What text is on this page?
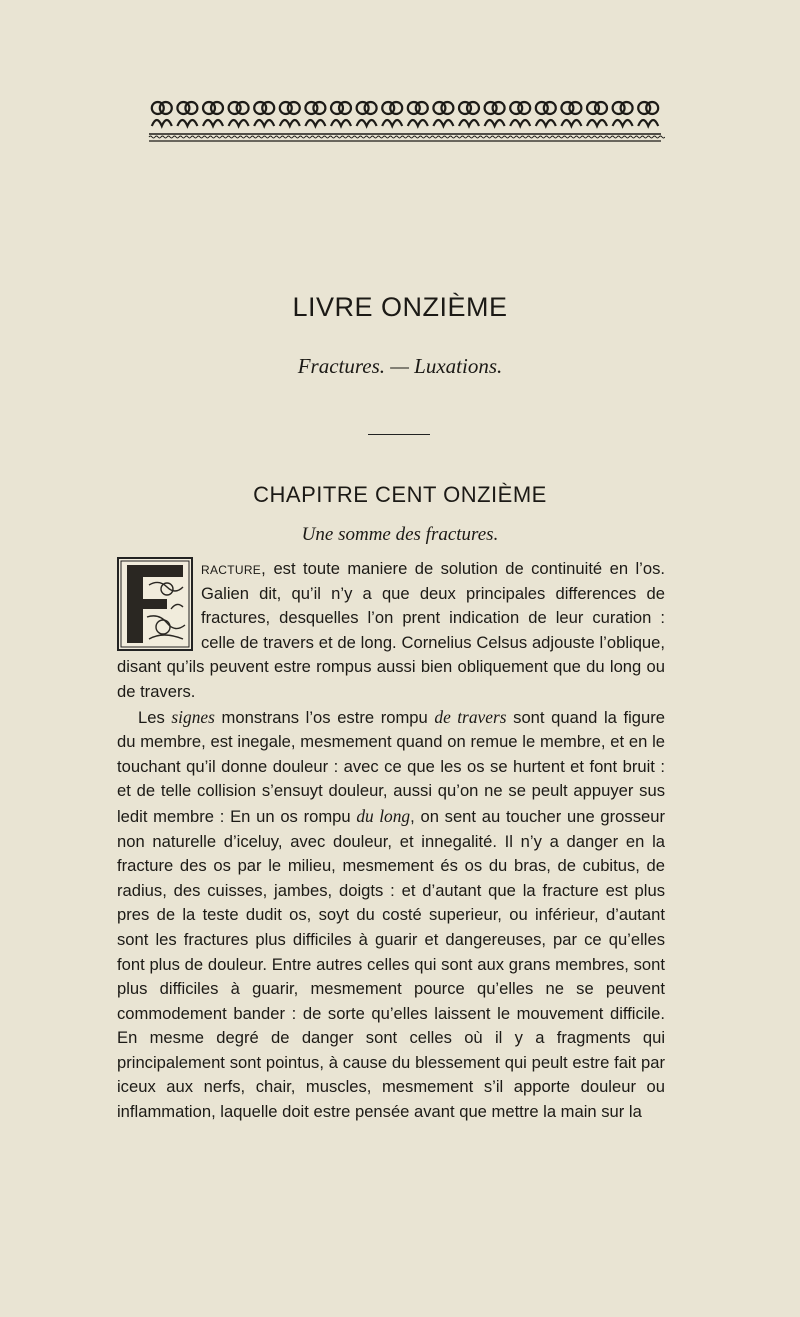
LIVRE ONZIÈME
Fractures. — Luxations.
CHAPITRE CENT ONZIÈME
Une somme des fractures.
F

racture, est toute maniere de solution de continuité en l’os. Galien dit, qu’il n’y a que deux principales differences de fractures, desquelles l’on prent indication de leur curation : celle de travers et de long. Cornelius Celsus adjouste l’oblique, disant qu’ils peuvent estre rompus aussi bien obliquement que du long ou de travers.

Les signes monstrans l’os estre rompu de travers sont quand la figure du membre, est inegale, mesmement quand on remue le membre, et en le touchant qu’il donne douleur : avec ce que les os se hurtent et font bruit : et de telle collision s’ensuyt douleur, aussi qu’on ne se peult appuyer sus ledit membre : En un os rompu du long, on sent au toucher une grosseur non naturelle d’iceluy, avec douleur, et innegalité. Il n’y a danger en la fracture des os par le milieu, mesmement és os du bras, de cubitus, de radius, des cuisses, jambes, doigts : et d’autant que la fracture est plus pres de la teste dudit os, soyt du costé superieur, ou inférieur, d’autant sont les fractures plus difficiles à guarir et dangereuses, par ce qu’elles font plus de douleur. Entre autres celles qui sont aux grans membres, sont plus difficiles à guarir, mesmement pource qu’elles ne se peuvent commodement bander : de sorte qu’elles laissent le mouvement difficile. En mesme degré de danger sont celles où il y a fragments qui principalement sont pointus, à cause du blessement qui peult estre fait par iceux aux nerfs, chair, muscles, mesmement s’il apporte douleur ou inflammation, laquelle doit estre pensée avant que mettre la main sur la
